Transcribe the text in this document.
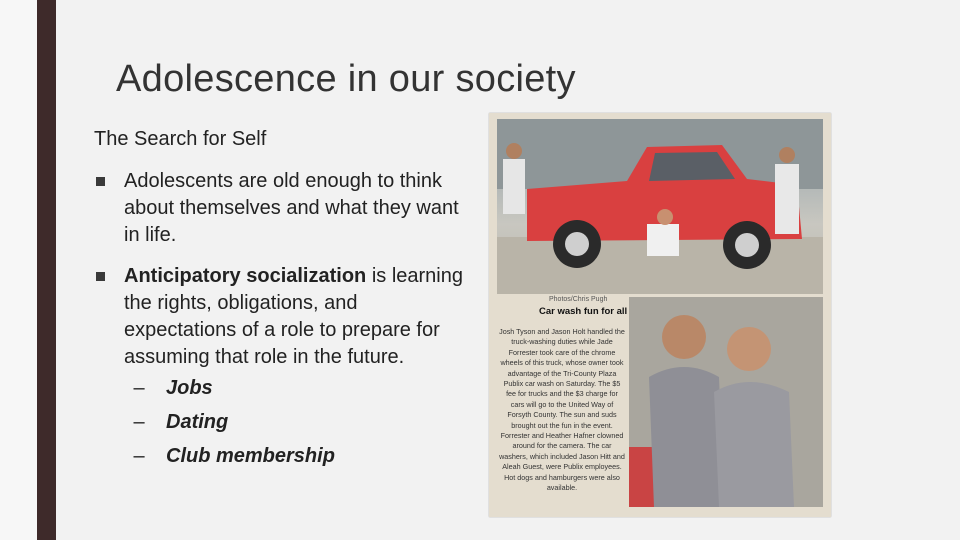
Adolescence in our society
The Search for Self
Adolescents are old enough to think about themselves and what they want in life.
Anticipatory socialization is learning the rights, obligations, and expectations of a role to prepare for assuming that role in the future.
–	Jobs
–	Dating
–	Club membership
Photos/Chris Pugh
Car wash fun for all
Josh Tyson and Jason Holt handled the truck-washing duties while Jade Forrester took care of the chrome wheels of this truck, whose owner took advantage of the Tri-County Plaza Publix car wash on Saturday. The $5 fee for trucks and the $3 charge for cars will go to the United Way of Forsyth County. The sun and suds brought out the fun in the event. Forrester and Heather Hafner clowned around for the camera. The car washers, which included Jason Hitt and Aleah Guest, were Publix employees. Hot dogs and hamburgers were also available.
